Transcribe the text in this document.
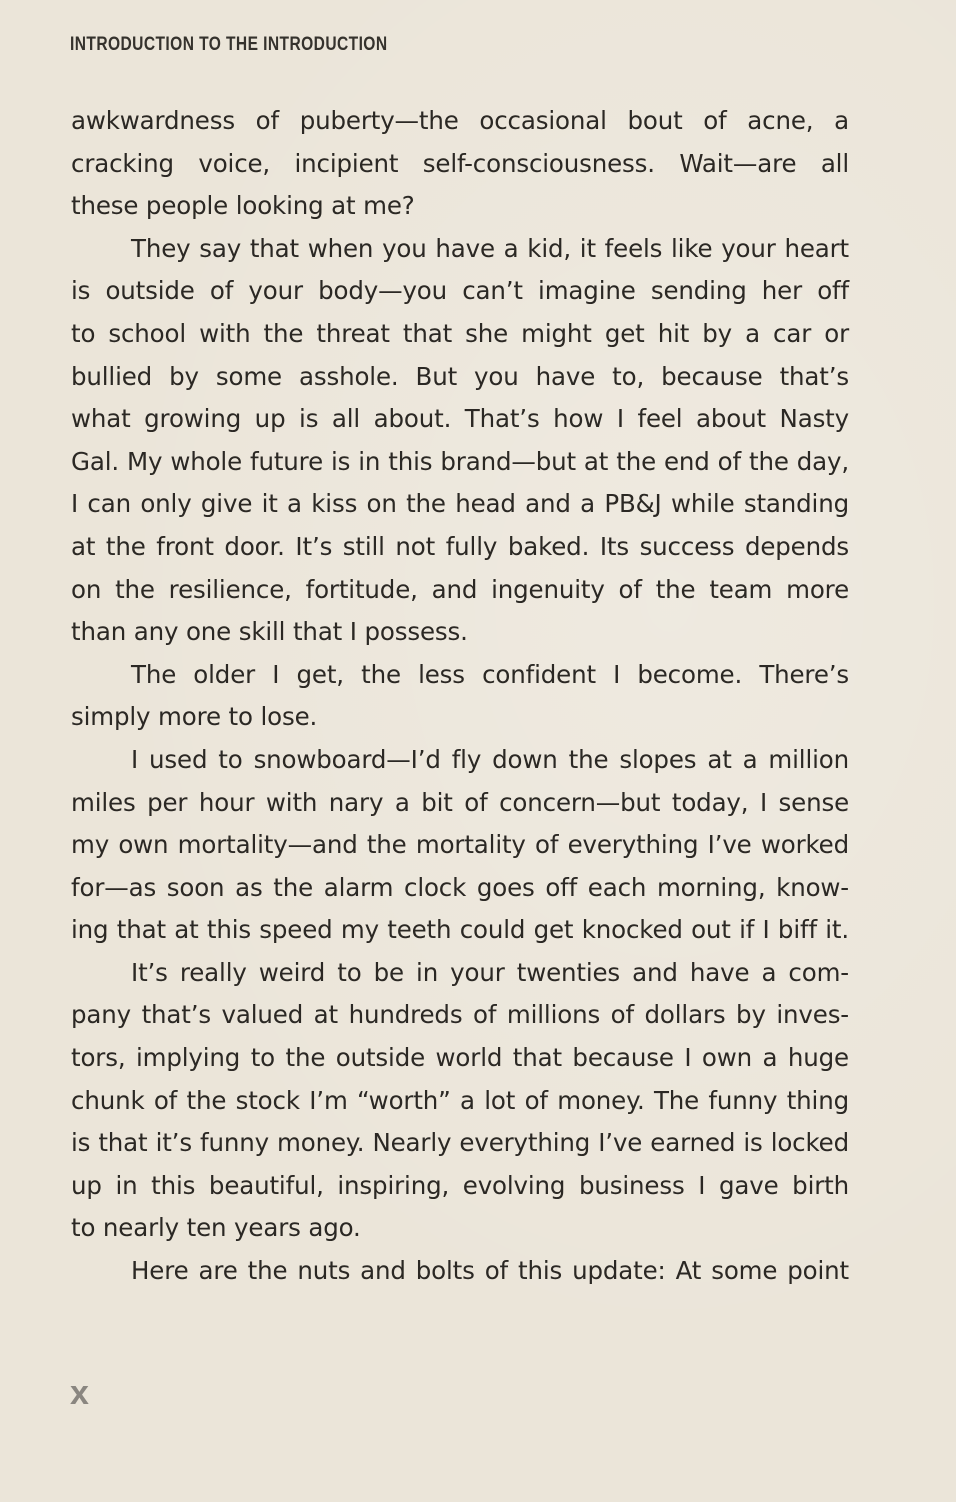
INTRODUCTION TO THE INTRODUCTION
awkwardness of puberty—the occasional bout of acne, a
cracking voice, incipient self-consciousness. Wait—are all
these people looking at me?
They say that when you have a kid, it feels like your heart
is outside of your body—you can’t imagine sending her off
to school with the threat that she might get hit by a car or
bullied by some asshole. But you have to, because that’s
what growing up is all about. That’s how I feel about Nasty
Gal. My whole future is in this brand—but at the end of the day,
I can only give it a kiss on the head and a PB&J while standing
at the front door. It’s still not fully baked. Its success depends
on the resilience, fortitude, and ingenuity of the team more
than any one skill that I possess.
The older I get, the less confident I become. There’s
simply more to lose.
I used to snowboard—I’d fly down the slopes at a million
miles per hour with nary a bit of concern—but today, I sense
my own mortality—and the mortality of everything I’ve worked
for—as soon as the alarm clock goes off each morning, know-
ing that at this speed my teeth could get knocked out if I biff it.
It’s really weird to be in your twenties and have a com-
pany that’s valued at hundreds of millions of dollars by inves-
tors, implying to the outside world that because I own a huge
chunk of the stock I’m “worth” a lot of money. The funny thing
is that it’s funny money. Nearly everything I’ve earned is locked
up in this beautiful, inspiring, evolving business I gave birth
to nearly ten years ago.
Here are the nuts and bolts of this update: At some point
x
